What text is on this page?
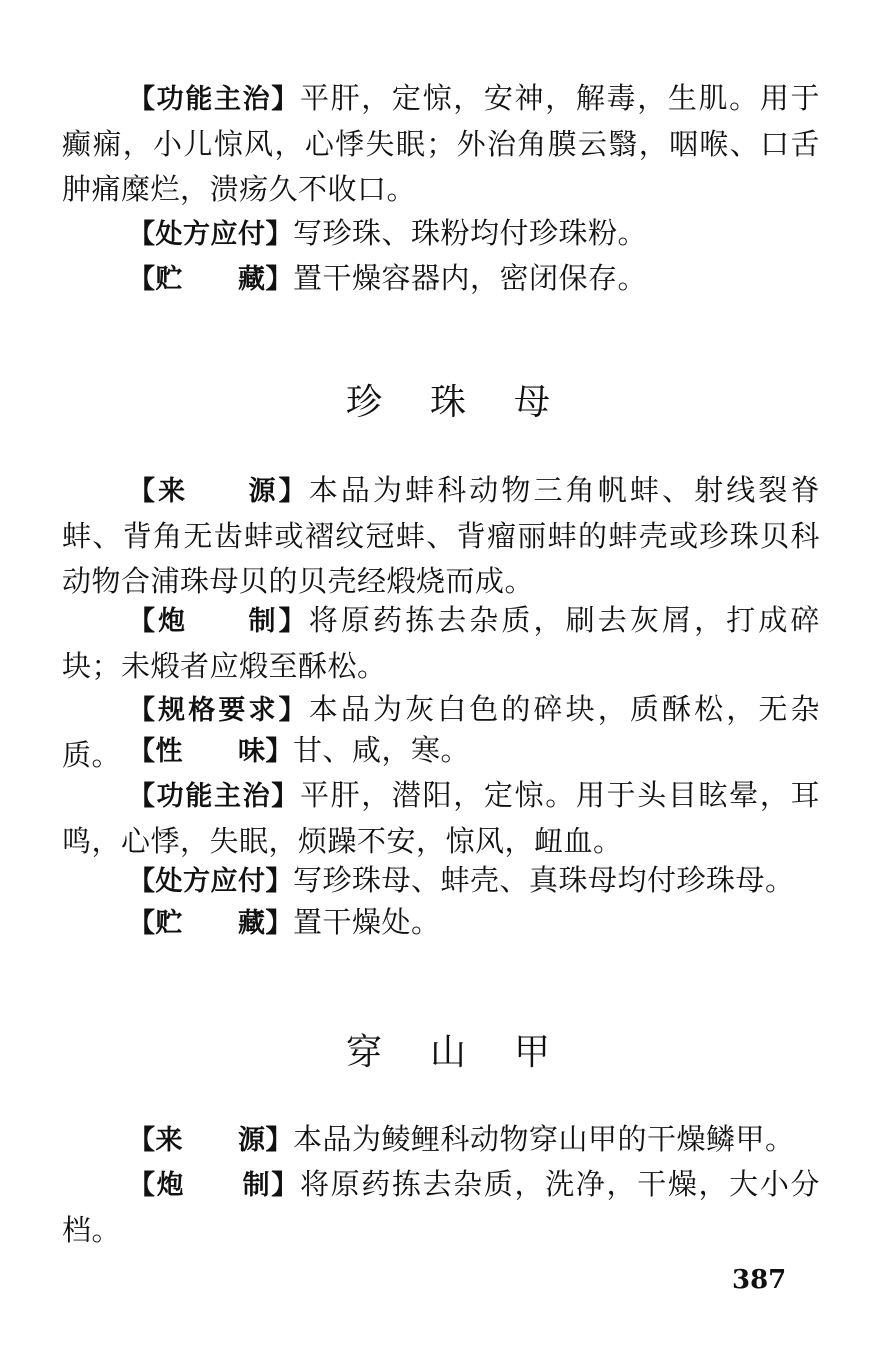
【功能主治】平肝，定惊，安神，解毒，生肌。用于癫痫，小儿惊风，心悸失眠；外治角膜云翳，咽喉、口舌肿痛糜烂，溃疡久不收口。

【处方应付】写珍珠、珠粉均付珍珠粉。

【贮　　藏】置干燥容器内，密闭保存。

珍珠母

【来　　源】本品为蚌科动物三角帆蚌、射线裂脊蚌、背角无齿蚌或褶纹冠蚌、背瘤丽蚌的蚌壳或珍珠贝科动物合浦珠母贝的贝壳经煅烧而成。

【炮　　制】将原药拣去杂质，刷去灰屑，打成碎块；未煅者应煅至酥松。

【规格要求】本品为灰白色的碎块，质酥松，无杂质。 【性　　味】甘、咸，寒。

【功能主治】平肝，潜阳，定惊。用于头目眩晕，耳鸣，心悸，失眠，烦躁不安，惊风，衄血。

【处方应付】写珍珠母、蚌壳、真珠母均付珍珠母。

【贮　　藏】置干燥处。

穿山甲

【来　　源】本品为鲮鲤科动物穿山甲的干燥鳞甲。

【炮　　制】将原药拣去杂质，洗净，干燥，大小分档。

387
